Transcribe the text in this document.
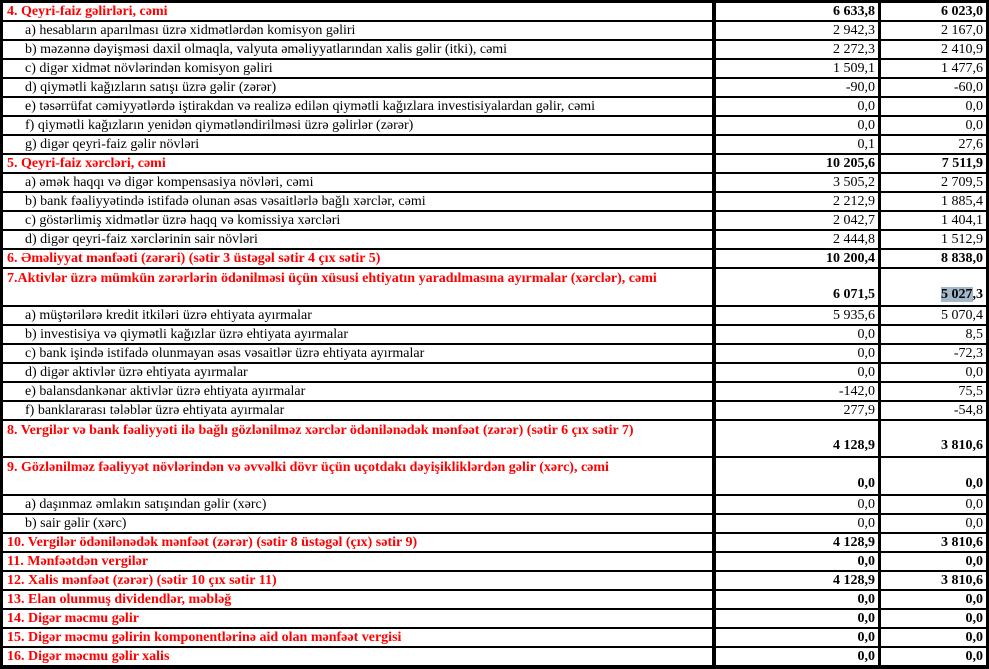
4. Qeyri-faiz gəlirləri, cəmi	6 633,8	6 023,0
a) hesabların aparılması üzrə xidmətlərdən komisyon gəliri	2 942,3	2 167,0
b) məzənnə dəyişməsi daxil olmaqla, valyuta əməliyyatlarından xalis gəlir (itki), cəmi	2 272,3	2 410,9
c) digər xidmət növlərindən komisyon gəliri	1 509,1	1 477,6
d) qiymətli kağızların satışı üzrə gəlir (zərər)	-90,0	-60,0
e) təsərrüfat cəmiyyətlərdə iştirakdan və realizə edilən qiymətli kağızlara investisiyalardan gəlir, cəmi	0,0	0,0
f) qiymətli kağızların yenidən qiymətləndirilməsi üzrə gəlirlər (zərər)	0,0	0,0
g) digər qeyri-faiz gəlir növləri	0,1	27,6
5. Qeyri-faiz xərcləri, cəmi	10 205,6	7 511,9
a) əmək haqqı və digər kompensasiya növləri, cəmi	3 505,2	2 709,5
b) bank fəaliyyətində istifadə olunan əsas vəsaitlərlə bağlı xərclər, cəmi	2 212,9	1 885,4
c) göstərlimiş xidmətlər üzrə haqq və komissiya xərcləri	2 042,7	1 404,1
d) digər qeyri-faiz xərclərinin sair növləri	2 444,8	1 512,9
6. Əməliyyat mənfəəti (zərəri) (sətir 3 üstəgəl sətir 4 çıx sətir 5)	10 200,4	8 838,0
7.Aktivlər üzrə mümkün zərərlərin ödənilməsi üçün xüsusi ehtiyatın yaradılmasına ayırmalar (xərclər), cəmi	6 071,5	5 027,3
a) müştərilərə kredit itkiləri üzrə ehtiyata ayırmalar	5 935,6	5 070,4
b) investisiya və qiymətli kağızlar üzrə ehtiyata ayırmalar	0,0	8,5
c) bank işində istifadə olunmayan əsas vəsaitlər üzrə ehtiyata ayırmalar	0,0	-72,3
d) digər aktivlər üzrə ehtiyata ayırmalar	0,0	0,0
e) balansdankənar aktivlər üzrə ehtiyata ayırmalar	-142,0	75,5
f) banklararası tələblər üzrə ehtiyata ayırmalar	277,9	-54,8
8. Vergilər və bank fəaliyyəti ilə bağlı gözlənilməz xərclər ödənilənədək mənfəət (zərər) (sətir 6 çıx sətir 7)	4 128,9	3 810,6
9. Gözlənilməz fəaliyyət növlərindən və əvvəlki dövr üçün uçotdakı dəyişikliklərdən gəlir (xərc), cəmi	0,0	0,0
a) daşınmaz əmlakın satışından gəlir (xərc)	0,0	0,0
b) sair gəlir (xərc)	0,0	0,0
10. Vergilər ödənilənədək mənfəət (zərər) (sətir 8 üstəgəl (çıx) sətir 9)	4 128,9	3 810,6
11. Mənfəətdən vergilər	0,0	0,0
12. Xalis mənfəət (zərər) (sətir 10 çıx sətir 11)	4 128,9	3 810,6
13. Elan olunmuş dividendlər, məbləğ	0,0	0,0
14. Digər məcmu gəlir	0,0	0,0
15. Digər məcmu gəlirin komponentlərinə aid olan mənfəət vergisi	0,0	0,0
16. Digər məcmu gəlir xalis	0,0	0,0
